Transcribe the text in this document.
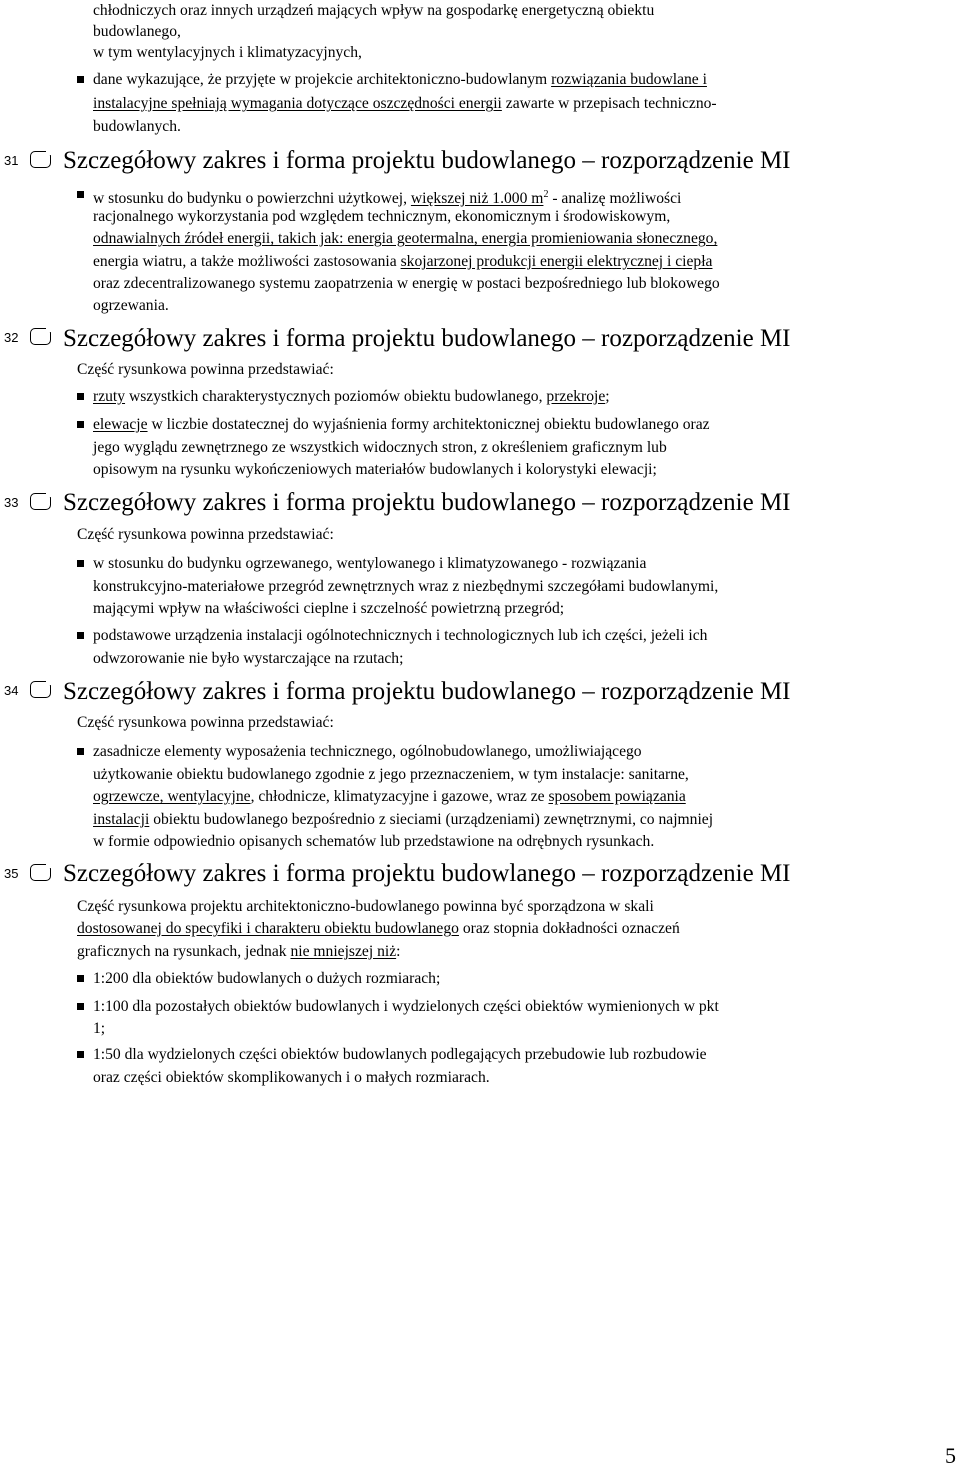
chłodniczych oraz innych urządzeń mających wpływ na gospodarkę energetyczną obiektu
budowlanego,
w tym wentylacyjnych i klimatyzacyjnych,
dane wykazujące, że przyjęte w projekcie architektoniczno-budowlanym rozwiązania budowlane i
instalacyjne spełniają wymagania dotyczące oszczędności energii zawarte w przepisach techniczno-
budowlanych.
31 Szczegółowy zakres i forma projektu budowlanego – rozporządzenie MI
w stosunku do budynku o powierzchni użytkowej, większej niż 1.000 $m^2$ - analizę możliwości
racjonalnego wykorzystania pod względem technicznym, ekonomicznym i środowiskowym,
odnawialnych źródeł energii, takich jak: energia geotermalna, energia promieniowania słonecznego,
energia wiatru, a także możliwości zastosowania skojarzonej produkcji energii elektrycznej i ciepła
oraz zdecentralizowanego systemu zaopatrzenia w energię w postaci bezpośredniego lub blokowego
ogrzewania.
32 Szczegółowy zakres i forma projektu budowlanego – rozporządzenie MI
Część rysunkowa powinna przedstawiać:
rzuty wszystkich charakterystycznych poziomów obiektu budowlanego, przekroje;
elewacje w liczbie dostatecznej do wyjaśnienia formy architektonicznej obiektu budowlanego oraz
jego wyglądu zewnętrznego ze wszystkich widocznych stron, z określeniem graficznym lub
opisowym na rysunku wykończeniowych materiałów budowlanych i kolorystyki elewacji;
33 Szczegółowy zakres i forma projektu budowlanego – rozporządzenie MI
Część rysunkowa powinna przedstawiać:
w stosunku do budynku ogrzewanego, wentylowanego i klimatyzowanego - rozwiązania
konstrukcyjno-materiałowe przegród zewnętrznych wraz z niezbędnymi szczegółami budowlanymi,
mającymi wpływ na właściwości cieplne i szczelność powietrzną przegród;
podstawowe urządzenia instalacji ogólnotechnicznych i technologicznych lub ich części, jeżeli ich
odwzorowanie nie było wystarczające na rzutach;
34 Szczegółowy zakres i forma projektu budowlanego – rozporządzenie MI
Część rysunkowa powinna przedstawiać:
zasadnicze elementy wyposażenia technicznego, ogólnobudowlanego, umożliwiającego
użytkowanie obiektu budowlanego zgodnie z jego przeznaczeniem, w tym instalacje: sanitarne,
ogrzewcze, wentylacyjne, chłodnicze, klimatyzacyjne i gazowe, wraz ze sposobem powiązania
instalacji obiektu budowlanego bezpośrednio z sieciami (urządzeniami) zewnętrznymi, co najmniej
w formie odpowiednio opisanych schematów lub przedstawione na odrębnych rysunkach.
35 Szczegółowy zakres i forma projektu budowlanego – rozporządzenie MI
Część rysunkowa projektu architektoniczno-budowlanego powinna być sporządzona w skali
dostosowanej do specyfiki i charakteru obiektu budowlanego oraz stopnia dokładności oznaczeń
graficznych na rysunkach, jednak nie mniejszej niż:
1:200 dla obiektów budowlanych o dużych rozmiarach;
1:100 dla pozostałych obiektów budowlanych i wydzielonych części obiektów wymienionych w pkt
1;
1:50 dla wydzielonych części obiektów budowlanych podlegających przebudowie lub rozbudowie
oraz części obiektów skomplikowanych i o małych rozmiarach.
5
